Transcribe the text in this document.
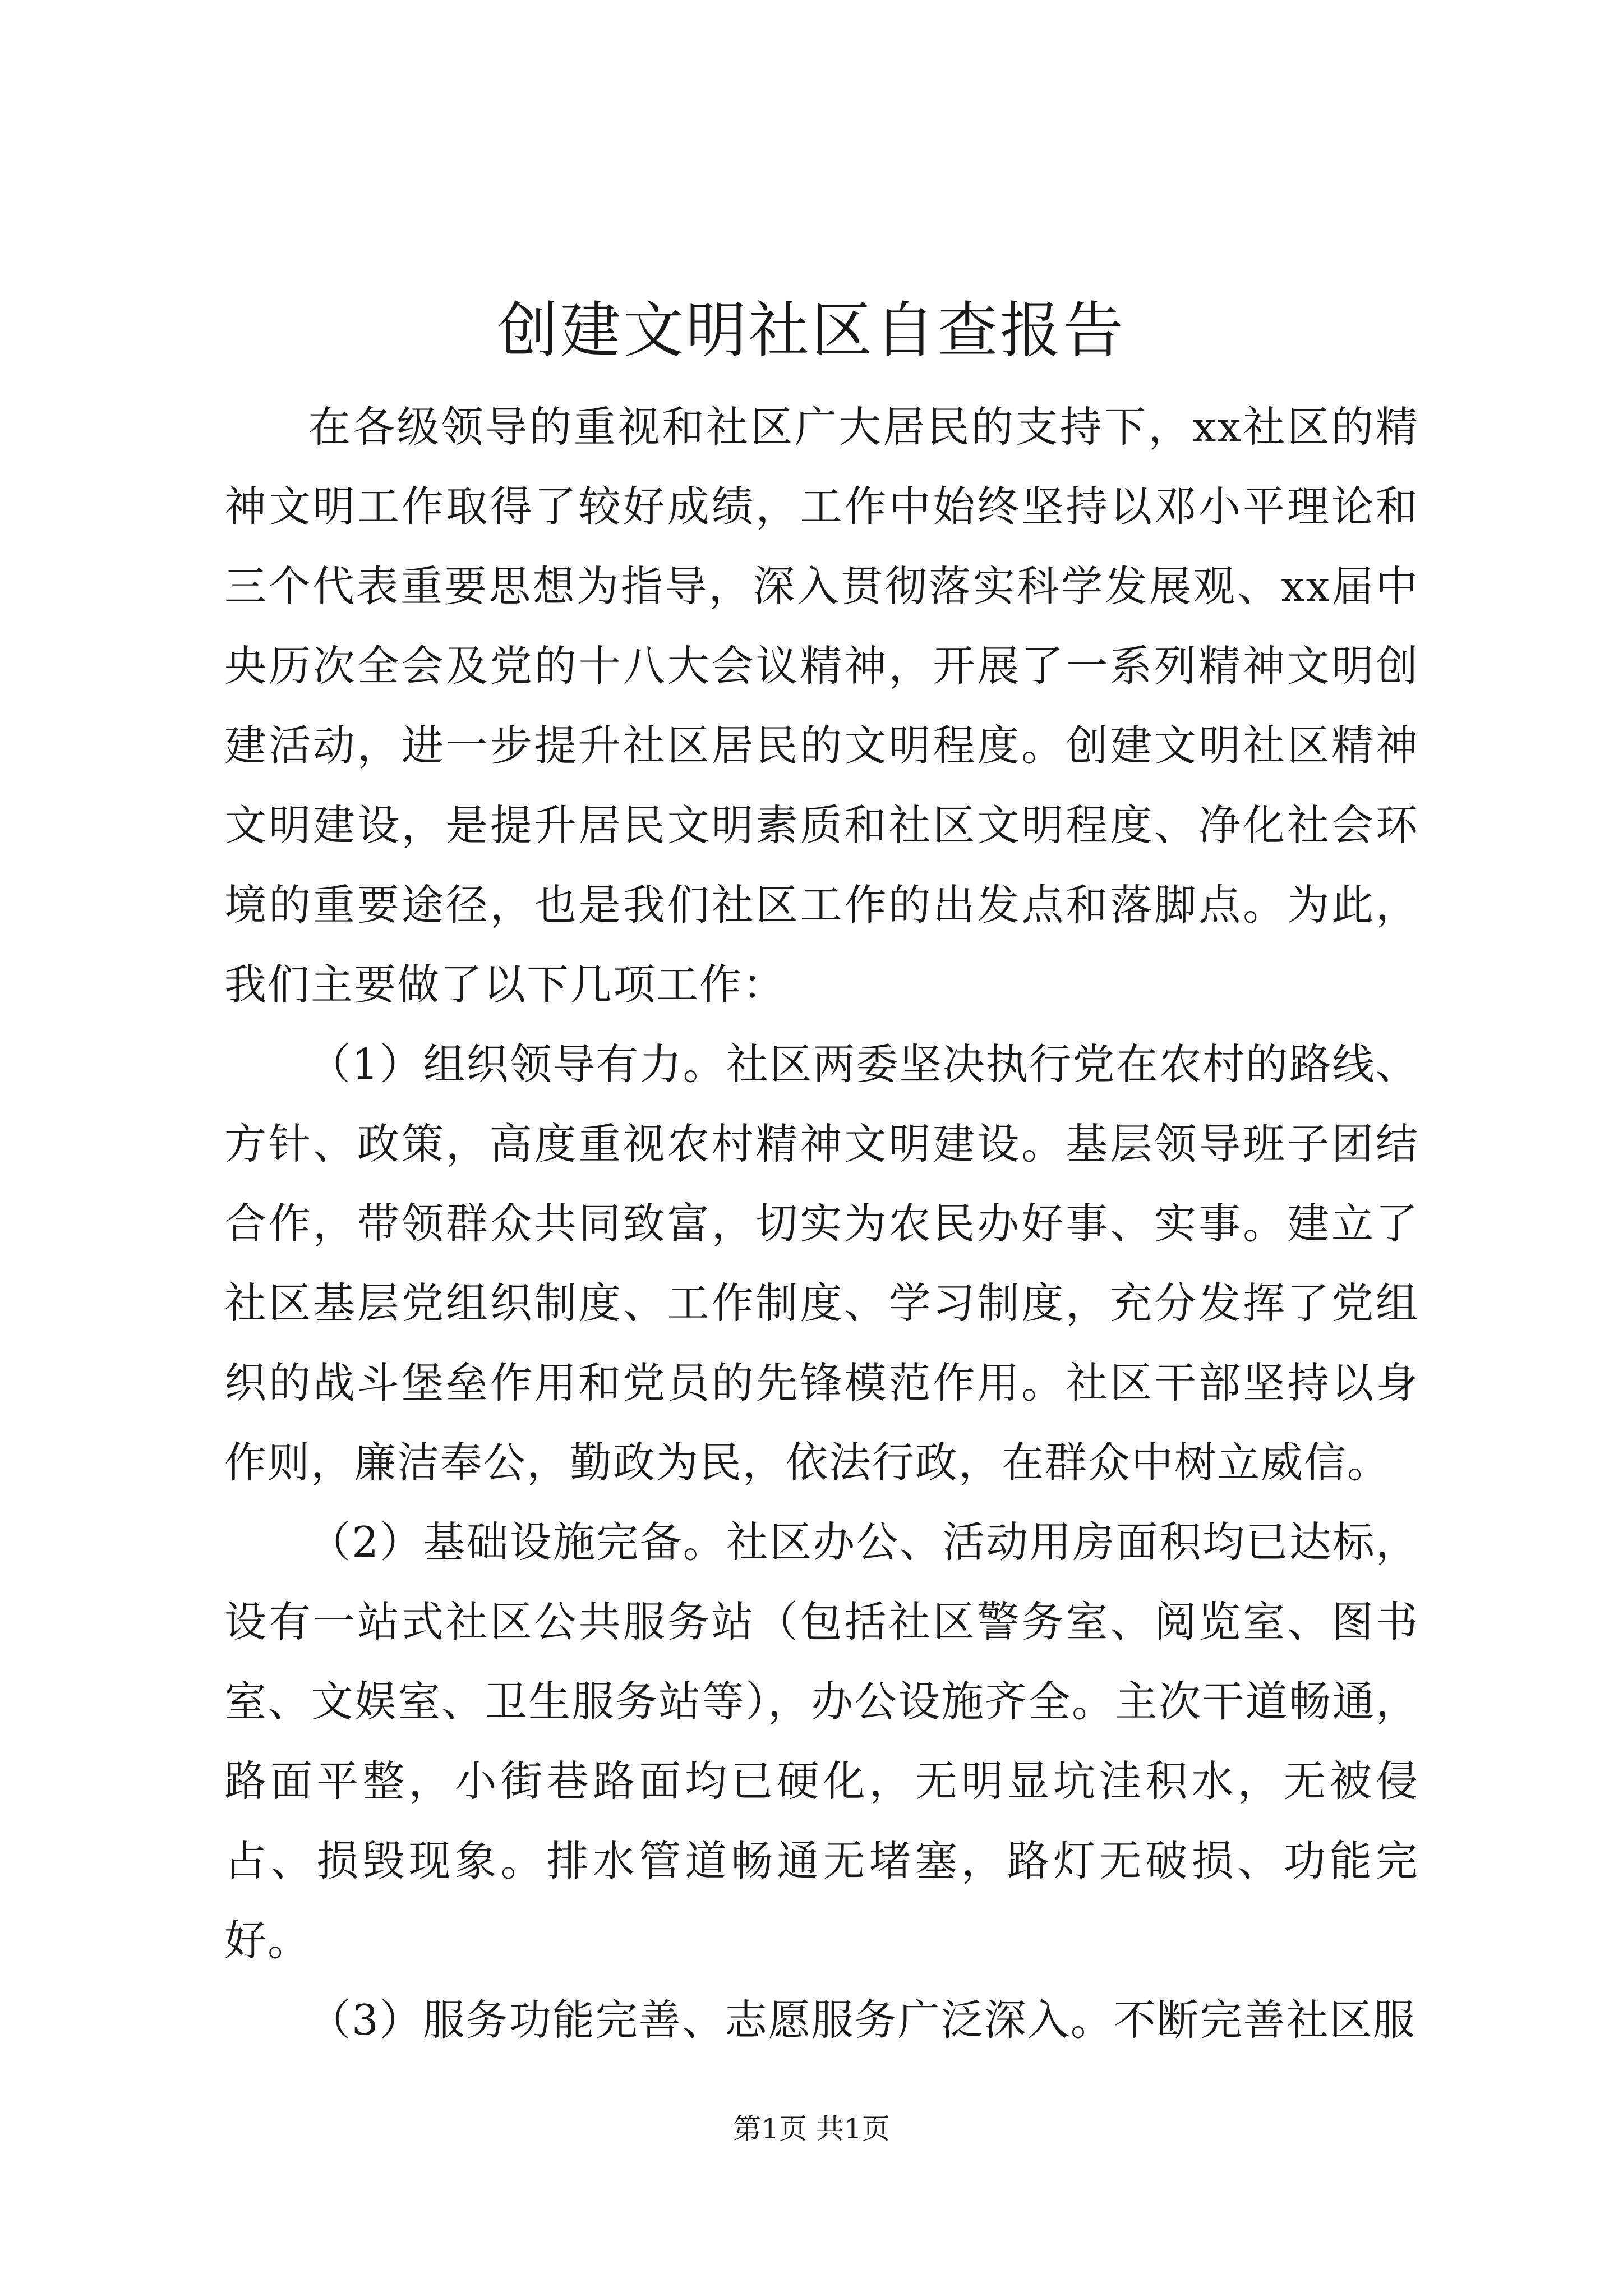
创建文明社区自查报告

在各级领导的重视和社区广大居民的支持下，xx社区的精神文明工作取得了较好成绩，工作中始终坚持以邓小平理论和三个代表重要思想为指导，深入贯彻落实科学发展观、xx届中央历次全会及党的十八大会议精神，开展了一系列精神文明创建活动，进一步提升社区居民的文明程度。创建文明社区精神文明建设，是提升居民文明素质和社区文明程度、净化社会环境的重要途径，也是我们社区工作的出发点和落脚点。为此，我们主要做了以下几项工作：

（1）组织领导有力。社区两委坚决执行党在农村的路线、方针、政策，高度重视农村精神文明建设。基层领导班子团结合作，带领群众共同致富，切实为农民办好事、实事。建立了社区基层党组织制度、工作制度、学习制度，充分发挥了党组织的战斗堡垒作用和党员的先锋模范作用。社区干部坚持以身作则，廉洁奉公，勤政为民，依法行政，在群众中树立威信。

（2）基础设施完备。社区办公、活动用房面积均已达标，设有一站式社区公共服务站（包括社区警务室、阅览室、图书室、文娱室、卫生服务站等），办公设施齐全。主次干道畅通，路面平整，小街巷路面均已硬化，无明显坑洼积水，无被侵占、损毁现象。排水管道畅通无堵塞，路灯无破损、功能完好。

（3）服务功能完善、志愿服务广泛深入。不断完善社区服

第1页 共1页
